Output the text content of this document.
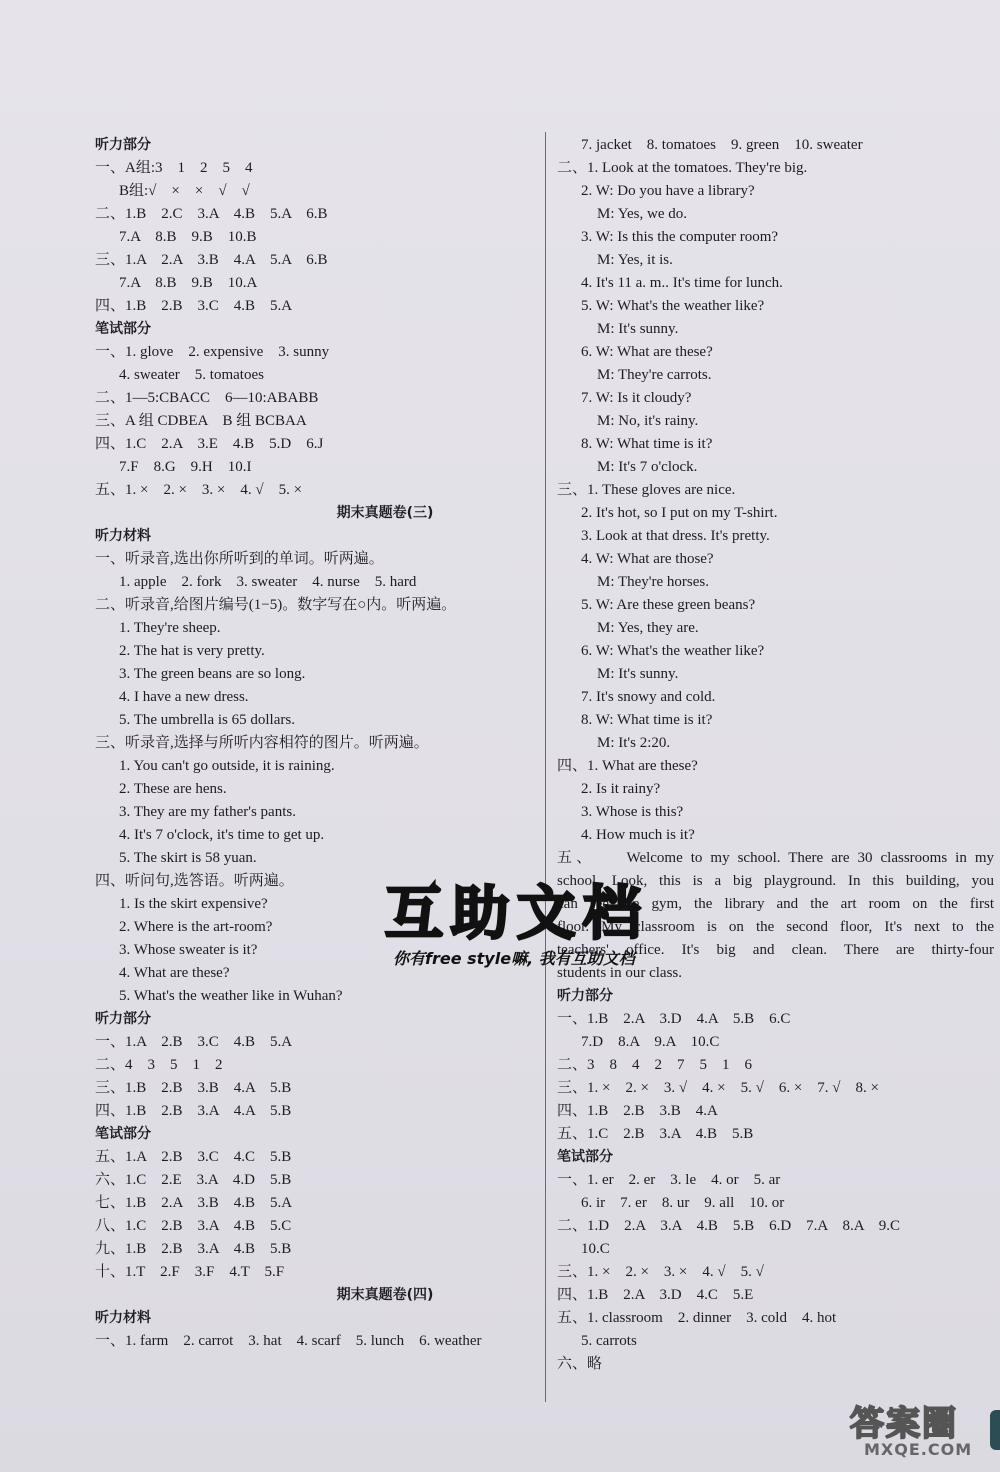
听力部分
一、A组:3　1　2　5　4
B组:√　×　×　√　√
二、1.B　2.C　3.A　4.B　5.A　6.B
7.A　8.B　9.B　10.B
三、1.A　2.A　3.B　4.A　5.A　6.B
7.A　8.B　9.B　10.A
四、1.B　2.B　3.C　4.B　5.A
笔试部分
一、1. glove　2. expensive　3. sunny
4. sweater　5. tomatoes
二、1—5:CBACC　6—10:ABABB
三、A 组 CDBEA　B 组 BCBAA
四、1.C　2.A　3.E　4.B　5.D　6.J
7.F　8.G　9.H　10.I
五、1. ×　2. ×　3. ×　4. √　5. ×
期末真题卷(三)
听力材料
一、听录音,选出你所听到的单词。听两遍。
1. apple　2. fork　3. sweater　4. nurse　5. hard
二、听录音,给图片编号(1−5)。数字写在○内。听两遍。
1. They're sheep.
2. The hat is very pretty.
3. The green beans are so long.
4. I have a new dress.
5. The umbrella is 65 dollars.
三、听录音,选择与所听内容相符的图片。听两遍。
1. You can't go outside, it is raining.
2. These are hens.
3. They are my father's pants.
4. It's 7 o'clock, it's time to get up.
5. The skirt is 58 yuan.
四、听问句,选答语。听两遍。
1. Is the skirt expensive?
2. Where is the art-room?
3. Whose sweater is it?
4. What are these?
5. What's the weather like in Wuhan?
听力部分
一、1.A　2.B　3.C　4.B　5.A
二、4　3　5　1　2
三、1.B　2.B　3.B　4.A　5.B
四、1.B　2.B　3.A　4.A　5.B
笔试部分
五、1.A　2.B　3.C　4.C　5.B
六、1.C　2.E　3.A　4.D　5.B
七、1.B　2.A　3.B　4.B　5.A
八、1.C　2.B　3.A　4.B　5.C
九、1.B　2.B　3.A　4.B　5.B
十、1.T　2.F　3.F　4.T　5.F
期末真题卷(四)
听力材料
一、1. farm　2. carrot　3. hat　4. scarf　5. lunch　6. weather
7. jacket　8. tomatoes　9. green　10. sweater
二、1. Look at the tomatoes. They're big.
2. W: Do you have a library?
M: Yes, we do.
3. W: Is this the computer room?
M: Yes, it is.
4. It's 11 a. m.. It's time for lunch.
5. W: What's the weather like?
M: It's sunny.
6. W: What are these?
M: They're carrots.
7. W: Is it cloudy?
M: No, it's rainy.
8. W: What time is it?
M: It's 7 o'clock.
三、1. These gloves are nice.
2. It's hot, so I put on my T-shirt.
3. Look at that dress. It's pretty.
4. W: What are those?
M: They're horses.
5. W: Are these green beans?
M: Yes, they are.
6. W: What's the weather like?
M: It's sunny.
7. It's snowy and cold.
8. W: What time is it?
M: It's 2:20.
四、1. What are these?
2. Is it rainy?
3. Whose is this?
4. How much is it?
五、　　Welcome to my school. There are 30 classrooms in my
school. Look, this is a big playground. In this building, you
can see the gym, the library and the art room on the first
floor. My classroom is on the second floor, It's next to the
teachers' office. It's big and clean. There are thirty-four
students in our class.
听力部分
一、1.B　2.A　3.D　4.A　5.B　6.C
7.D　8.A　9.A　10.C
二、3　8　4　2　7　5　1　6
三、1. ×　2. ×　3. √　4. ×　5. √　6. ×　7. √　8. ×
四、1.B　2.B　3.B　4.A
五、1.C　2.B　3.A　4.B　5.B
笔试部分
一、1. er　2. er　3. le　4. or　5. ar
6. ir　7. er　8. ur　9. all　10. or
二、1.D　2.A　3.A　4.B　5.B　6.D　7.A　8.A　9.C
10.C
三、1. ×　2. ×　3. ×　4. √　5. √
四、1.B　2.A　3.D　4.C　5.E
五、1. classroom　2. dinner　3. cold　4. hot
5. carrots
六、略
互助文档
你有free style嘛, 我有互助文档
答案圈
MXQE.COM
